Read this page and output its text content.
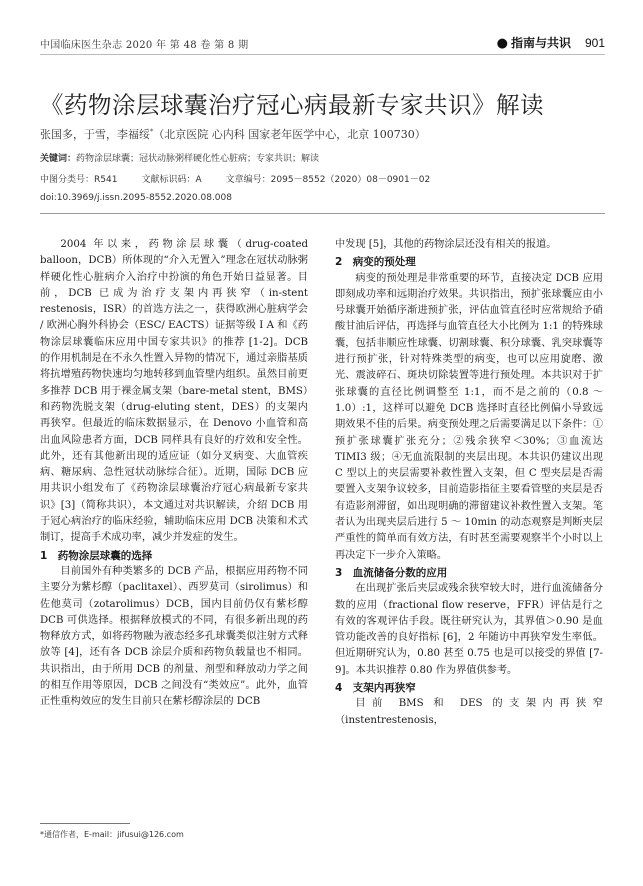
中国临床医生杂志 2020 年 第 48 卷 第 8 期	● 指南与共识 901
《药物涂层球囊治疗冠心病最新专家共识》解读
张国多，于雪，李福绥*（北京医院 心内科 国家老年医学中心，北京 100730）
关键词：药物涂层球囊；冠状动脉粥样硬化性心脏病；专家共识；解读
中图分类号：R541	文献标识码：A	文章编号：2095－8552（2020）08－0901－02
doi:10.3969/j.issn.2095-8552.2020.08.008

2004 年以来，药物涂层球囊（drug-coated balloon，DCB）所体现的“介入无置入”理念在冠状动脉粥样硬化性心脏病介入治疗中扮演的角色开始日益显著。目前，DCB 已成为治疗支架内再狭窄（in-stent restenosis，ISR）的首选方法之一，获得欧洲心脏病学会 / 欧洲心胸外科协会（ESC/ EACTS）证据等级 I A 和《药物涂层球囊临床应用中国专家共识》的推荐 [1-2]。DCB 的作用机制是在不永久性置入异物的情况下，通过亲脂基质将抗增殖药物快速均匀地转移到血管壁内组织。虽然目前更多推荐 DCB 用于裸金属支架（bare-metal stent，BMS）和药物洗脱支架（drug-eluting stent，DES）的支架内再狭窄。但最近的临床数据显示，在 Denovo 小血管和高出血风险患者方面，DCB 同样具有良好的疗效和安全性。此外，还有其他新出现的适应证（如分叉病变、大血管疾病、糖尿病、急性冠状动脉综合征）。近期，国际 DCB 应用共识小组发布了《药物涂层球囊治疗冠心病最新专家共识》[3]（简称共识），本文通过对共识解读，介绍 DCB 用于冠心病治疗的临床经验，辅助临床应用 DCB 决策和术式制订，提高手术成功率，减少并发症的发生。

1　药物涂层球囊的选择

目前国外有种类繁多的 DCB 产品，根据应用药物不同主要分为紫杉醇（paclitaxel）、西罗莫司（sirolimus）和佐他莫司（zotarolimus）DCB，国内目前仍仅有紫杉醇 DCB 可供选择。根据释放模式的不同，有很多新出现的药物释放方式，如将药物融为液态经多孔球囊类似注射方式释放等 [4]，还有各 DCB 涂层介质和药物负载量也不相同。共识指出，由于所用 DCB 的剂量、剂型和释放动力学之间的相互作用等原因，DCB 之间没有“类效应”。此外，血管正性重构效应的发生目前只在紫杉醇涂层的 DCB

中发现 [5]，其他的药物涂层还没有相关的报道。

2　病变的预处理

病变的预处理是非常重要的环节，直接决定 DCB 应用即刻成功率和远期治疗效果。共识指出，预扩张球囊应由小号球囊开始循序渐进预扩张，评估血管直径时应常规给予硝酸甘油后评估，再选择与血管直径大小比例为 1:1 的特殊球囊，包括非顺应性球囊、切割球囊、积分球囊、乳突球囊等进行预扩张，针对特殊类型的病变，也可以应用旋磨、激光、震波碎石、斑块切除装置等进行预处理。本共识对于扩张球囊的直径比例调整至 1:1，而不是之前的（0.8 ～ 1.0）:1，这样可以避免 DCB 选择时直径比例偏小导致远期效果不佳的后果。病变预处理之后需要满足以下条件：①预扩张球囊扩张充分；②残余狭窄＜30%；③血流达 TIMI3 级；④无血流限制的夹层出现。本共识仍建议出现 C 型以上的夹层需要补救性置入支架，但 C 型夹层是否需要置入支架争议较多，目前造影指征主要看管壁的夹层是否有造影剂滞留，如出现明确的滞留建议补救性置入支架。笔者认为出现夹层后进行 5 ～ 10min 的动态观察是判断夹层严重性的简单而有效方法，有时甚至需要观察半个小时以上再决定下一步介入策略。

3　血流储备分数的应用

在出现扩张后夹层或残余狭窄较大时，进行血流储备分数的应用（fractional flow reserve，FFR）评估是行之有效的客观评估手段。既往研究认为，其界值＞0.90 是血管功能改善的良好指标 [6]，2 年随访中再狭窄发生率低。但近期研究认为，0.80 甚至 0.75 也是可以接受的界值 [7-9]。本共识推荐 0.80 作为界值供参考。

4　支架内再狭窄

目前 BMS 和 DES 的支架内再狭窄（instentrestenosis，

*通信作者，E-mail：jifusui@126.com
